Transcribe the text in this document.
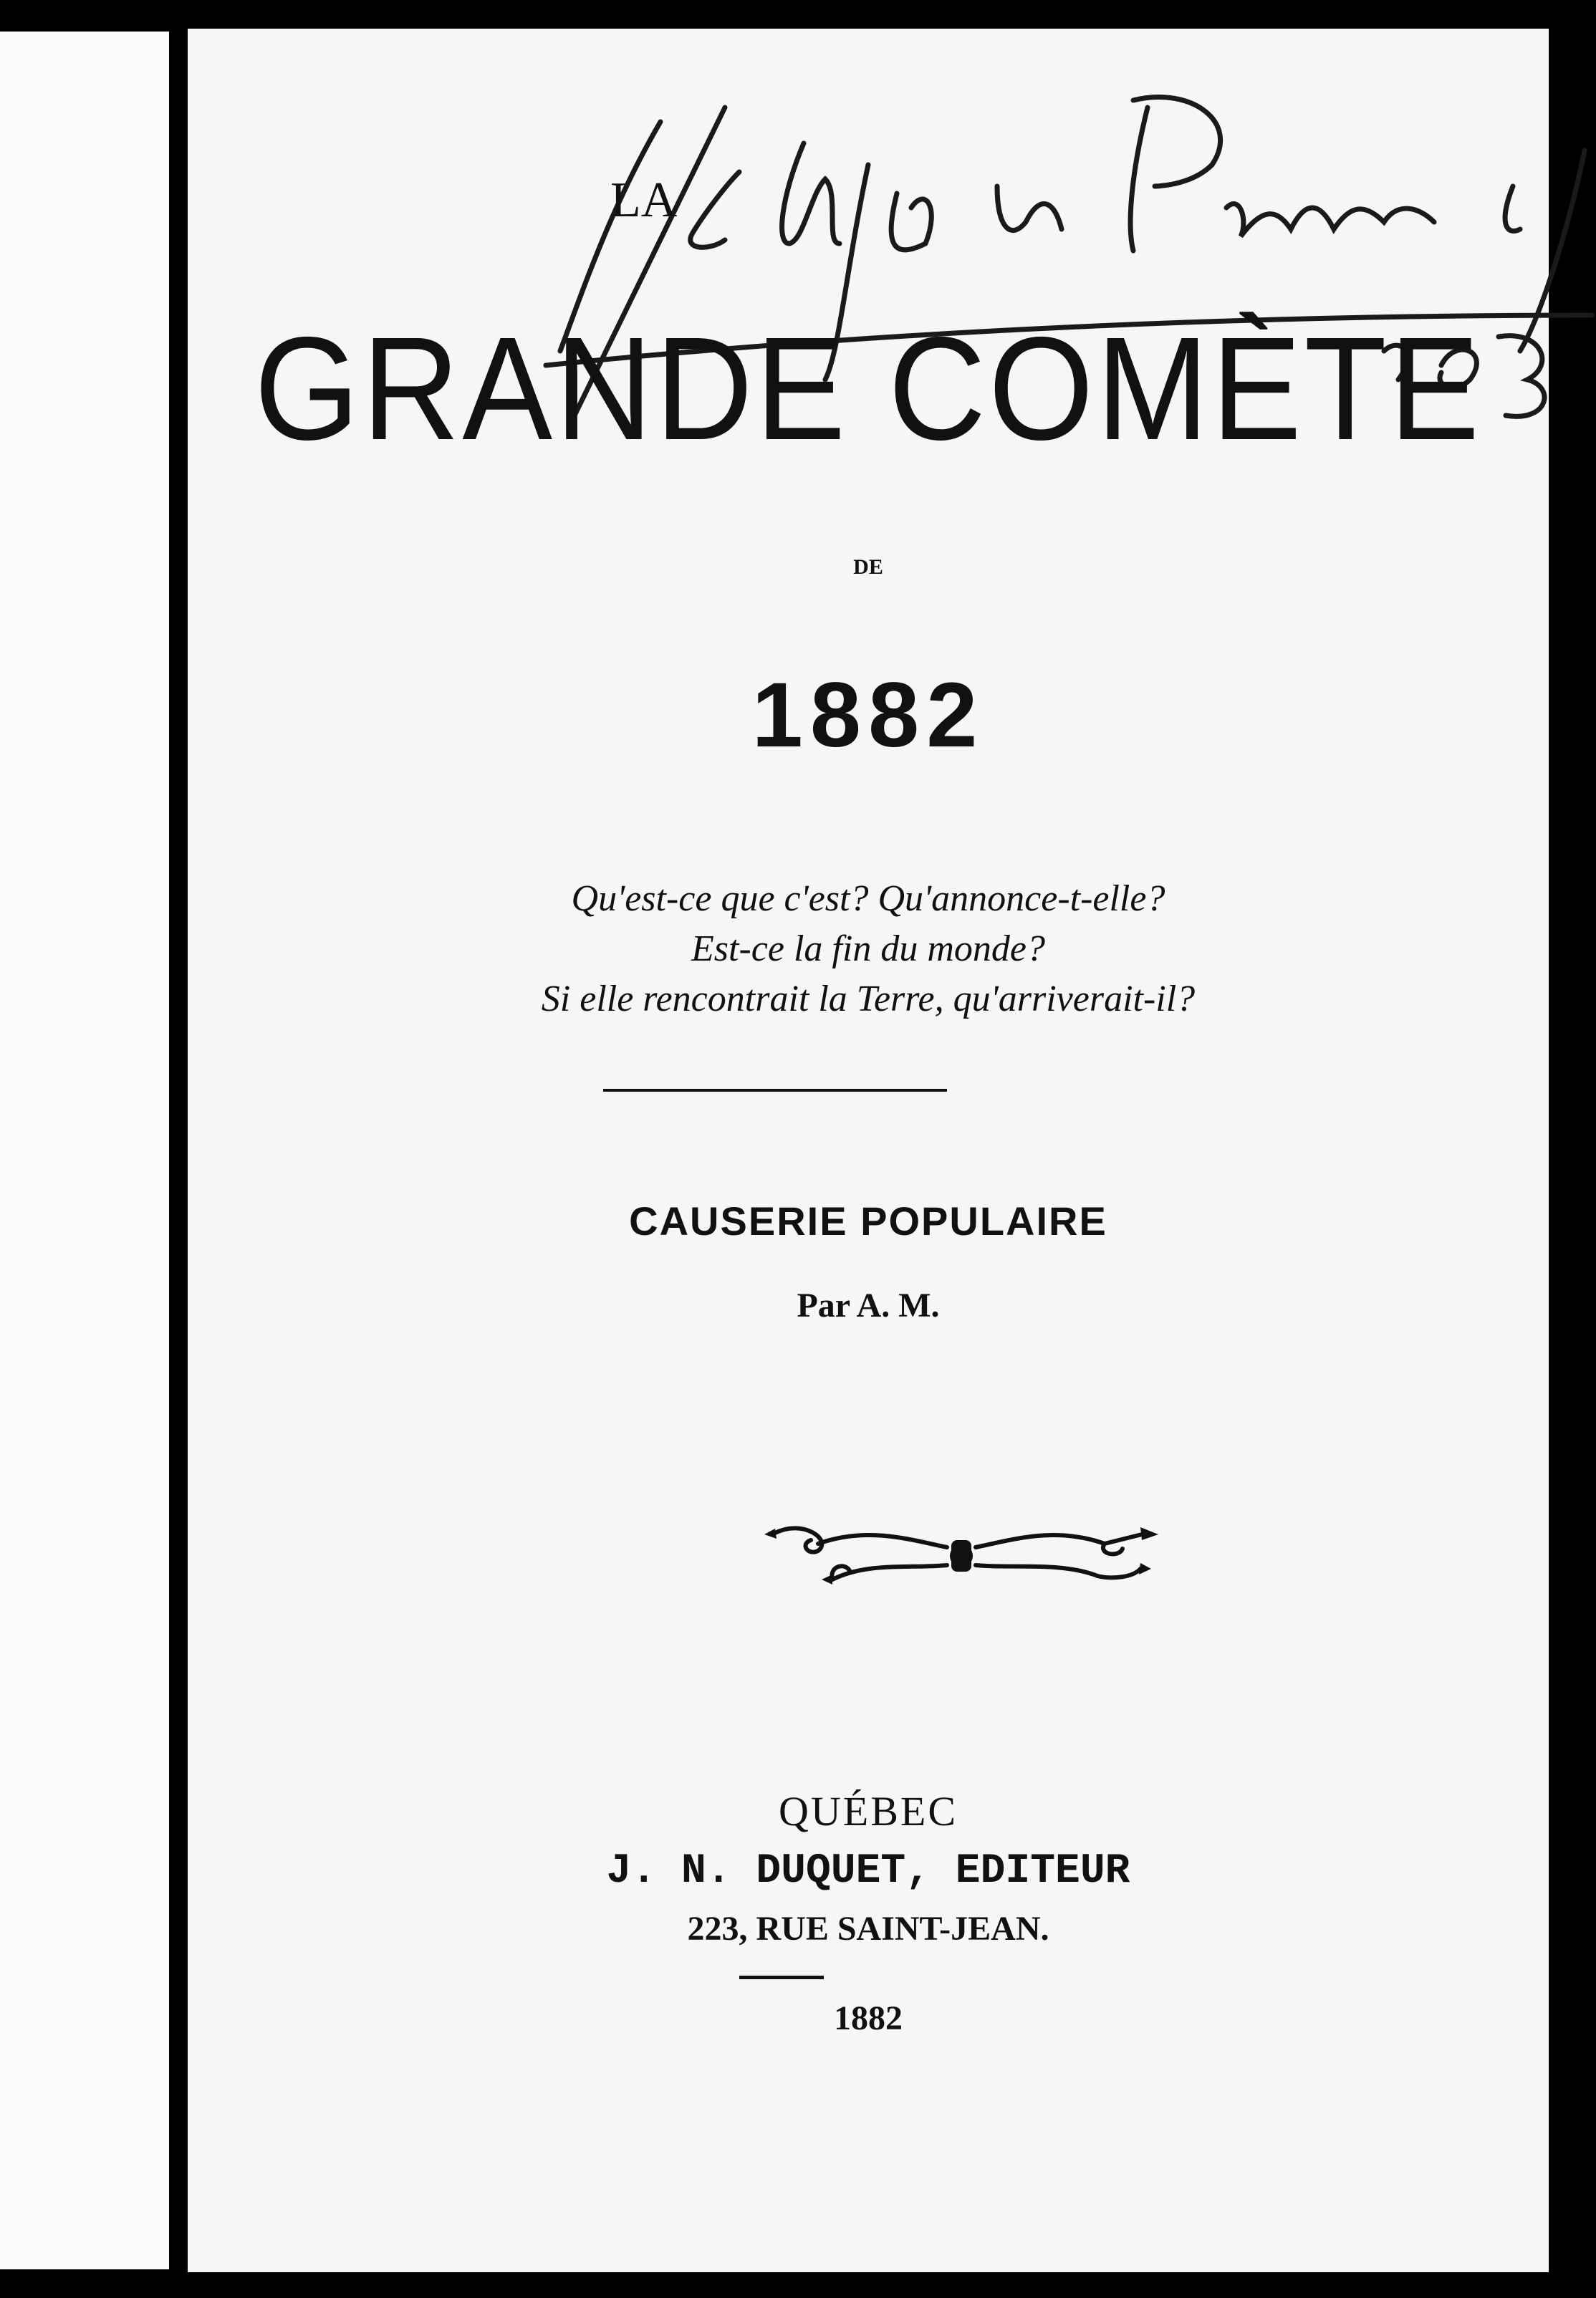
LA
GRANDE COMÈTE
DE
1882
Qu'est-ce que c'est? Qu'annonce-t-elle?
Est-ce la fin du monde?
Si elle rencontrait la Terre, qu'arriverait-il?
CAUSERIE POPULAIRE
Par A. M.
QUÉBEC
J. N. DUQUET, EDITEUR
223, RUE SAINT-JEAN.
1882
